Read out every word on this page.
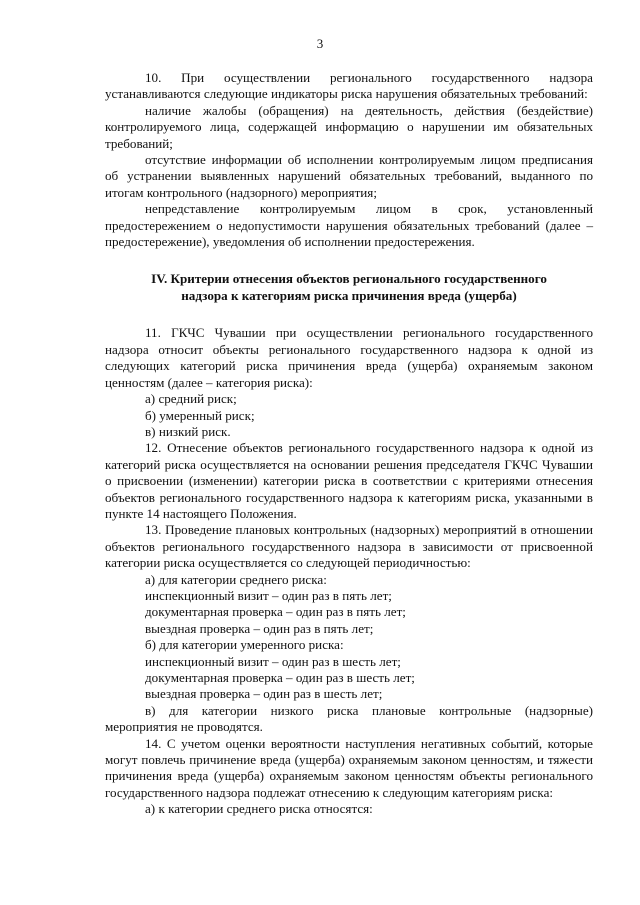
3

10. При осуществлении регионального государственного надзора устанавливаются следующие индикаторы риска нарушения обязательных требований:

наличие жалобы (обращения) на деятельность, действия (бездействие) контролируемого лица, содержащей информацию о нарушении им обязательных требований;

отсутствие информации об исполнении контролируемым лицом предписания об устранении выявленных нарушений обязательных требований, выданного по итогам контрольного (надзорного) мероприятия;

непредставление контролируемым лицом в срок, установленный предостережением о недопустимости нарушения обязательных требований (далее – предостережение), уведомления об исполнении предостережения.

IV. Критерии отнесения объектов регионального государственного
надзора к категориям риска причинения вреда (ущерба)

11. ГКЧС Чувашии при осуществлении регионального государственного надзора относит объекты регионального государственного надзора к одной из следующих категорий риска причинения вреда (ущерба) охраняемым законом ценностям (далее – категория риска):

а) средний риск;

б) умеренный риск;

в) низкий риск.

12. Отнесение объектов регионального государственного надзора к одной из категорий риска осуществляется на основании решения председателя ГКЧС Чувашии о присвоении (изменении) категории риска в соответствии с критериями отнесения объектов регионального государственного надзора к категориям риска, указанными в пункте 14 настоящего Положения.

13. Проведение плановых контрольных (надзорных) мероприятий в отношении объектов регионального государственного надзора в зависимости от присвоенной категории риска осуществляется со следующей периодичностью:

а) для категории среднего риска:

инспекционный визит – один раз в пять лет;

документарная проверка – один раз в пять лет;

выездная проверка – один раз в пять лет;

б) для категории умеренного риска:

инспекционный визит – один раз в шесть лет;

документарная проверка – один раз в шесть лет;

выездная проверка – один раз в шесть лет;

в) для категории низкого риска плановые контрольные (надзорные) мероприятия не проводятся.

14. С учетом оценки вероятности наступления негативных событий, которые могут повлечь причинение вреда (ущерба) охраняемым законом ценностям, и тяжести причинения вреда (ущерба) охраняемым законом ценностям объекты регионального государственного надзора подлежат отнесению к следующим категориям риска:

а) к категории среднего риска относятся:
